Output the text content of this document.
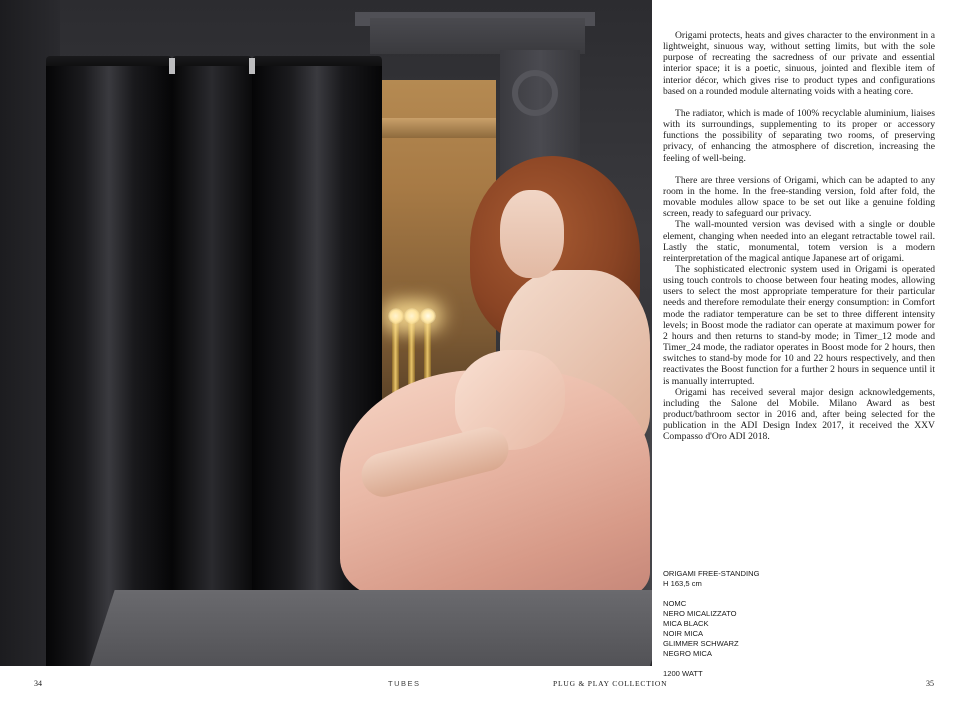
Origami protects, heats and gives character to the environment in a lightweight, sinuous way, without setting limits, but with the sole purpose of recreating the sacredness of our private and essential interior space; it is a poetic, sinuous, jointed and flexible item of interior décor, which gives rise to product types and configurations based on a rounded module alternating voids with a heating core.

The radiator, which is made of 100% recyclable aluminium, liaises with its surroundings, supplementing to its proper or accessory functions the possibility of separating two rooms, of preserving privacy, of enhancing the atmosphere of discretion, increasing the feeling of well-being.

There are three versions of Origami, which can be adapted to any room in the home. In the free-standing version, fold after fold, the movable modules allow space to be set out like a genuine folding screen, ready to safeguard our privacy.

The wall-mounted version was devised with a single or double element, changing when needed into an elegant retractable towel rail. Lastly the static, monumental, totem version is a modern reinterpretation of the magical antique Japanese art of origami.

The sophisticated electronic system used in Origami is operated using touch controls to choose between four heating modes, allowing users to select the most appropriate temperature for their particular needs and therefore remodulate their energy consumption: in Comfort mode the radiator temperature can be set to three different intensity levels; in Boost mode the radiator can operate at maximum power for 2 hours and then returns to stand-by mode; in Timer_12 mode and Timer_24 mode, the radiator operates in Boost mode for 2 hours, then switches to stand-by mode for 10 and 22 hours respectively, and then reactivates the Boost function for a further 2 hours in sequence until it is manually interrupted.

Origami has received several major design acknowledgements, including the Salone del Mobile. Milano Award as best product/bathroom sector in 2016 and, after being selected for the publication in the ADI Design Index 2017, it received the XXV Compasso d'Oro ADI 2018.

ORIGAMI FREE-STANDING
H 163,5 cm
NOMC
NERO MICALIZZATO
MICA BLACK
NOIR MICA
GLIMMER SCHWARZ
NEGRO MICA
1200 WATT
34	TUBES	PLUG & PLAY COLLECTION	35
